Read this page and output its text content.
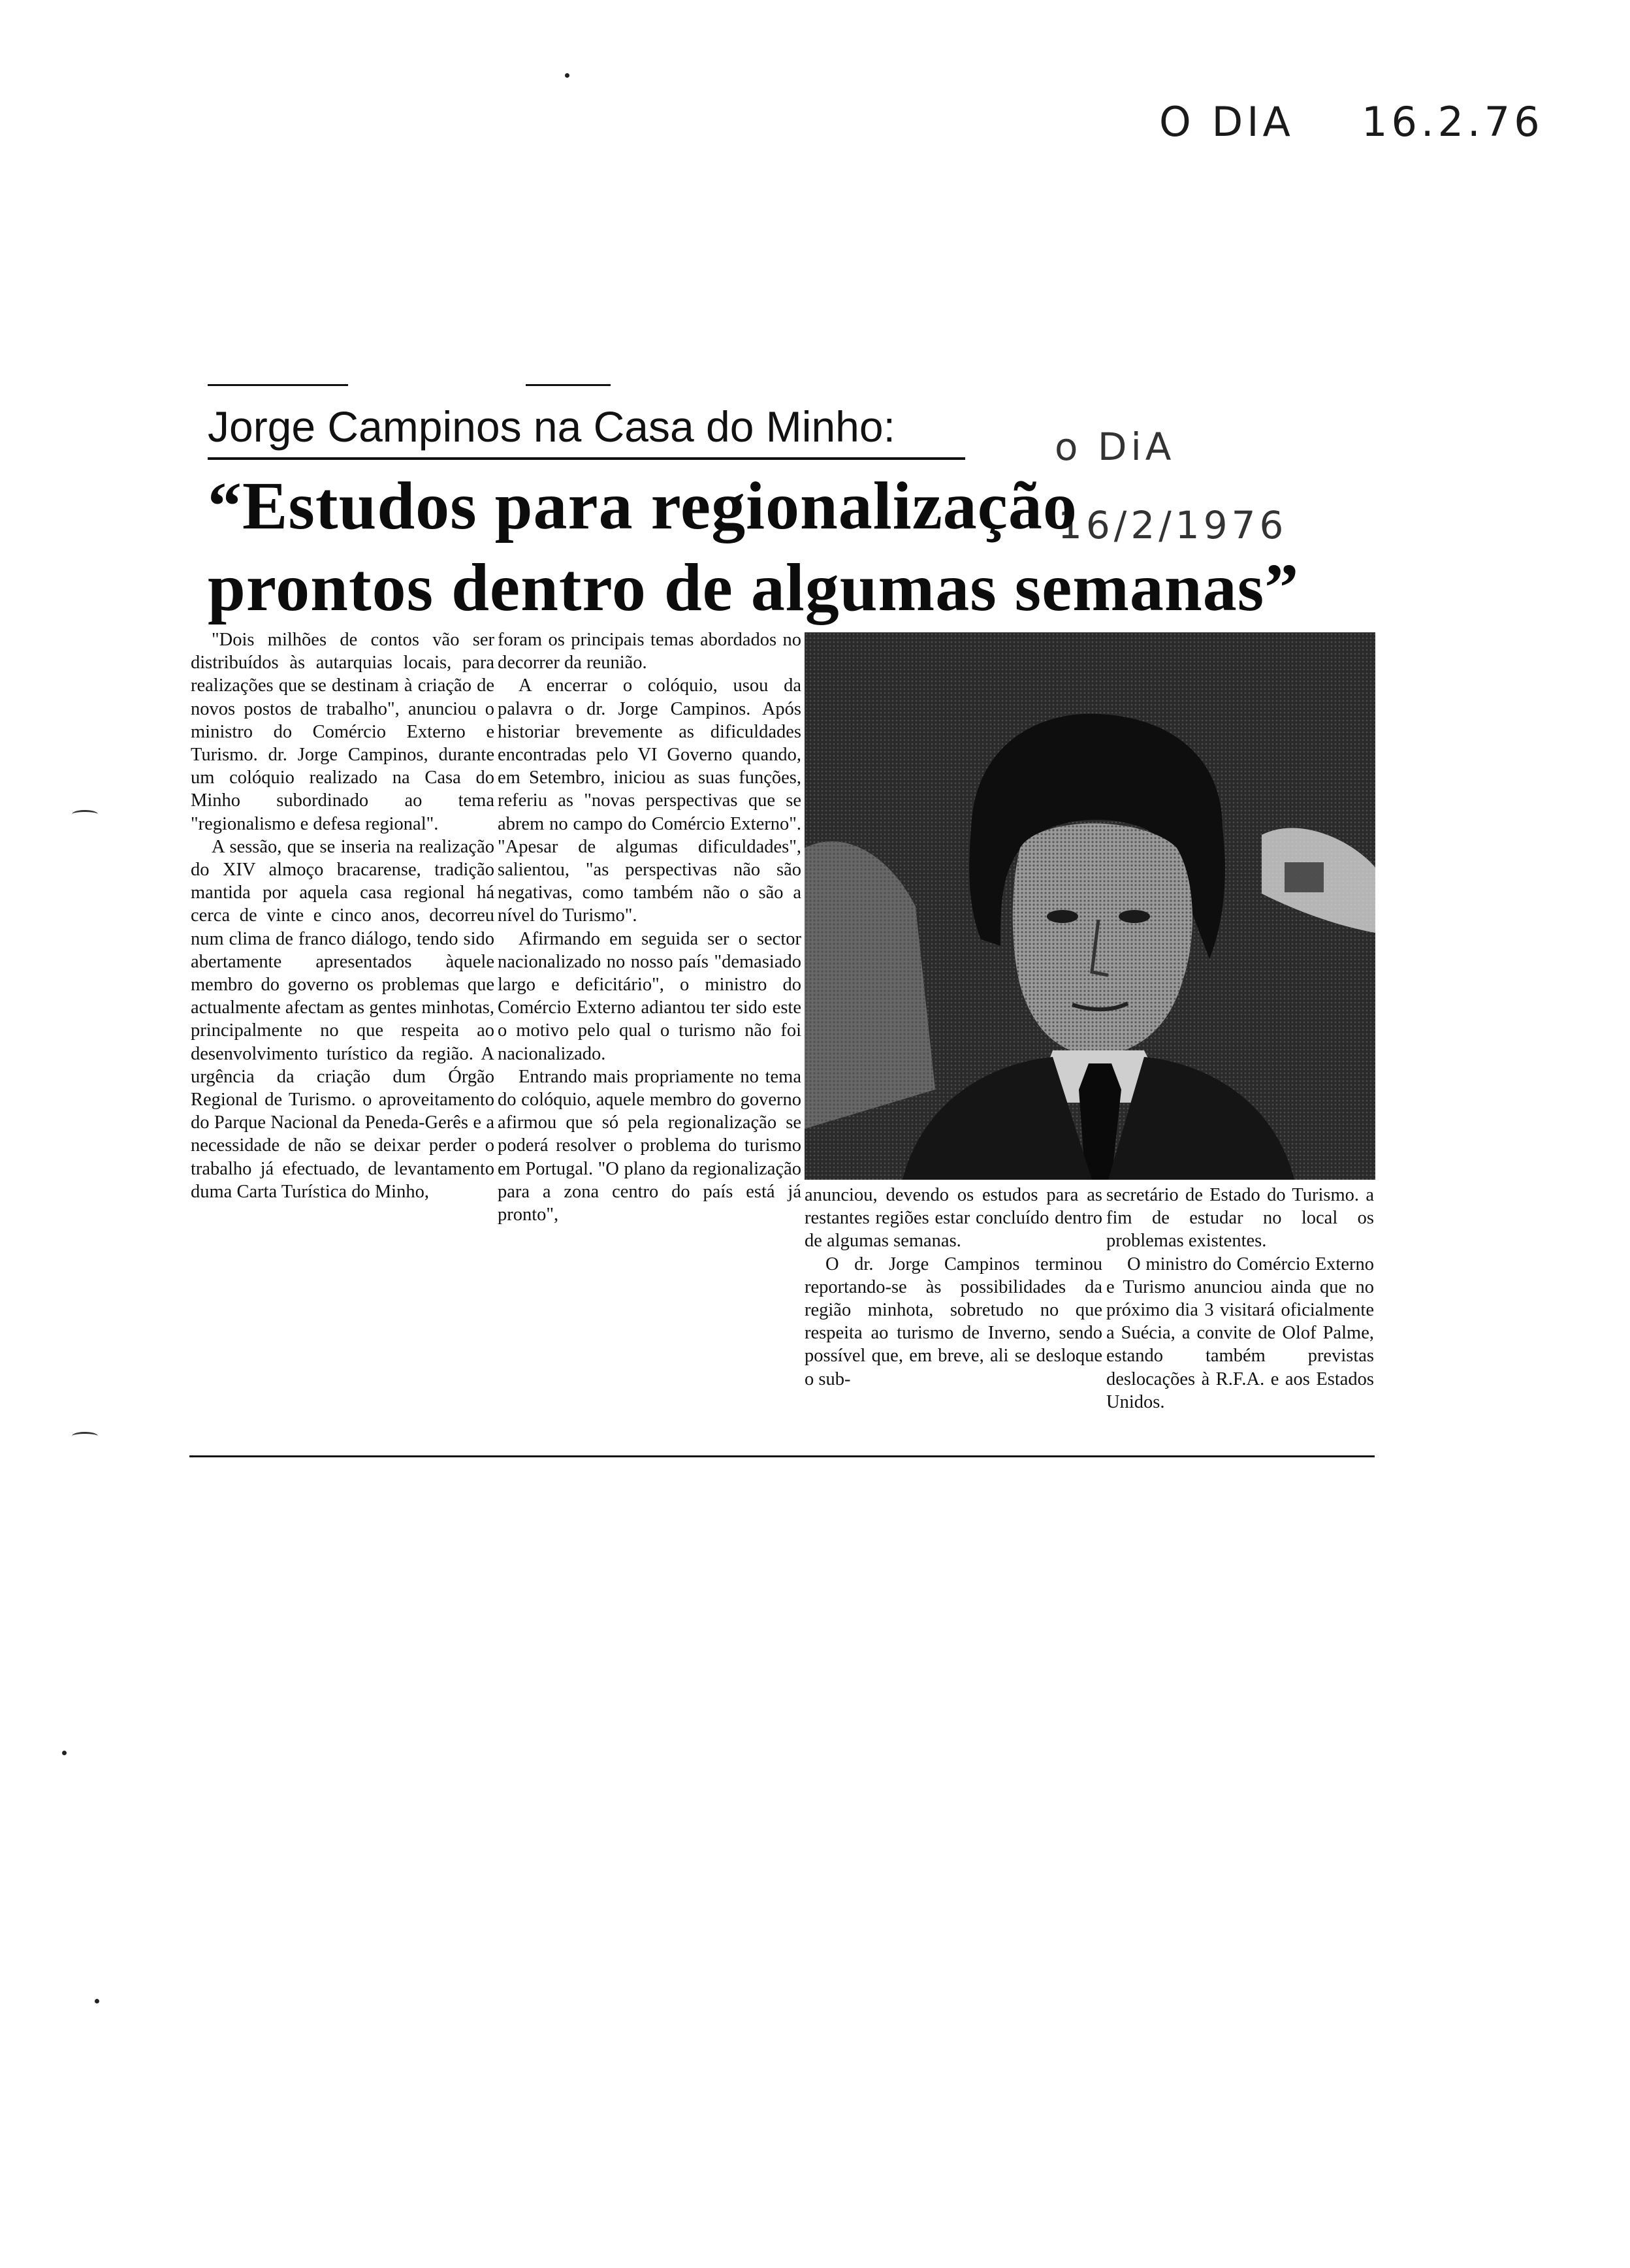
O DIA 16.2.76
o DiA
16/2/1976
Jorge Campinos na Casa do Minho:
“Estudos para regionalização
prontos dentro de algumas semanas”

"Dois milhões de contos vão ser distribuídos às autarquias locais, para realizações que se destinam à criação de novos postos de trabalho", anunciou o ministro do Comércio Externo e Turismo. dr. Jorge Campinos, durante um colóquio realizado na Casa do Minho subordinado ao tema "regionalismo e defesa regional".

A sessão, que se inseria na realização do XIV almoço bracarense, tradição mantida por aquela casa regional há cerca de vinte e cinco anos, decorreu num clima de franco diálogo, tendo sido abertamente apresentados àquele membro do governo os problemas que actualmente afectam as gentes minhotas, principalmente no que respeita ao desenvolvimento turístico da região. A urgência da criação dum Órgão Regional de Turismo. o aproveitamento do Parque Nacional da Peneda-Gerês e a necessidade de não se deixar perder o trabalho já efectuado, de levantamento duma Carta Turística do Minho,

foram os principais temas abordados no decorrer da reunião.

A encerrar o colóquio, usou da palavra o dr. Jorge Campinos. Após historiar brevemente as dificuldades encontradas pelo VI Governo quando, em Setembro, iniciou as suas funções, referiu as "novas perspectivas que se abrem no campo do Comércio Externo". "Apesar de algumas dificuldades", salientou, "as perspectivas não são negativas, como também não o são a nível do Turismo".

Afirmando em seguida ser o sector nacionalizado no nosso país "demasiado largo e deficitário", o ministro do Comércio Externo adiantou ter sido este o motivo pelo qual o turismo não foi nacionalizado.

Entrando mais propriamente no tema do colóquio, aquele membro do governo afirmou que só pela regionalização se poderá resolver o problema do turismo em Portugal. "O plano da regionalização para a zona centro do país está já pronto",

anunciou, devendo os estudos para as restantes regiões estar concluído dentro de algumas semanas.

O dr. Jorge Campinos terminou reportando-se às possibilidades da região minhota, sobretudo no que respeita ao turismo de Inverno, sendo possível que, em breve, ali se desloque o sub-

secretário de Estado do Turismo. a fim de estudar no local os problemas existentes.

O ministro do Comércio Externo e Turismo anunciou ainda que no próximo dia 3 visitará oficialmente a Suécia, a convite de Olof Palme, estando também previstas deslocações à R.F.A. e aos Estados Unidos.
